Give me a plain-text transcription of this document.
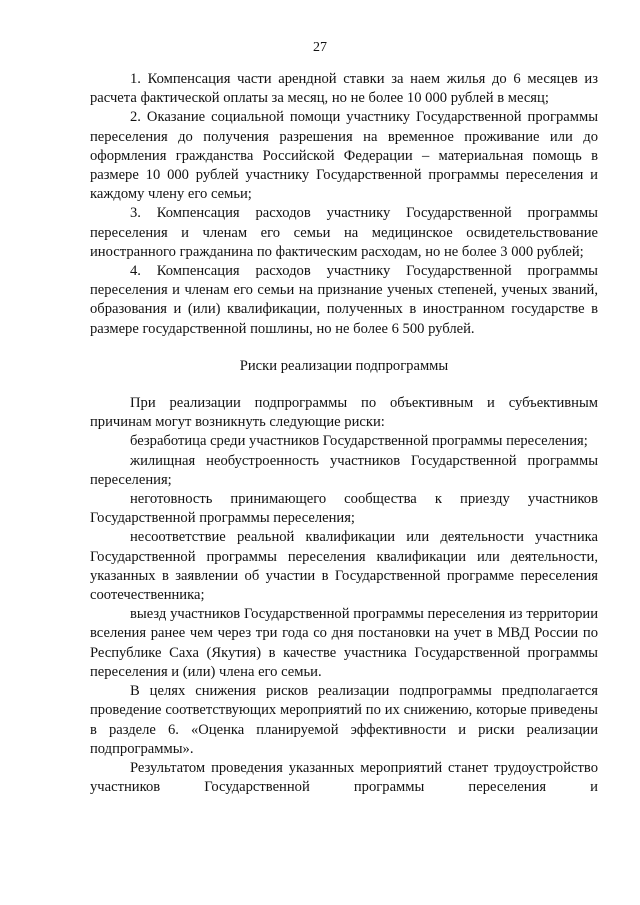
27

1. Компенсация части арендной ставки за наем жилья до 6 месяцев из расчета фактической оплаты за месяц, но не более 10 000 рублей в месяц;

2. Оказание социальной помощи участнику Государственной программы переселения до получения разрешения на временное проживание или до оформления гражданства Российской Федерации – материальная помощь в размере 10 000 рублей участнику Государственной программы переселения и каждому члену его семьи;

3. Компенсация расходов участнику Государственной программы переселения и членам его семьи на медицинское освидетельствование иностранного гражданина по фактическим расходам, но не более 3 000 рублей;

4. Компенсация расходов участнику Государственной программы переселения и членам его семьи на признание ученых степеней, ученых званий, образования и (или) квалификации, полученных в иностранном государстве в размере государственной пошлины, но не более 6 500 рублей.

Риски реализации подпрограммы

При реализации подпрограммы по объективным и субъективным причинам могут возникнуть следующие риски:

безработица среди участников Государственной программы переселения;

жилищная необустроенность участников Государственной программы переселения;

неготовность принимающего сообщества к приезду участников Государственной программы переселения;

несоответствие реальной квалификации или деятельности участника Государственной программы переселения квалификации или деятельности, указанных в заявлении об участии в Государственной программе переселения соотечественника;

выезд участников Государственной программы переселения из территории вселения ранее чем через три года со дня постановки на учет в МВД России по Республике Саха (Якутия) в качестве участника Государственной программы переселения и (или) члена его семьи.

В целях снижения рисков реализации подпрограммы предполагается проведение соответствующих мероприятий по их снижению, которые приведены в разделе 6. «Оценка планируемой эффективности и риски реализации подпрограммы».

Результатом проведения указанных мероприятий станет трудоустройство участников Государственной программы переселения и
